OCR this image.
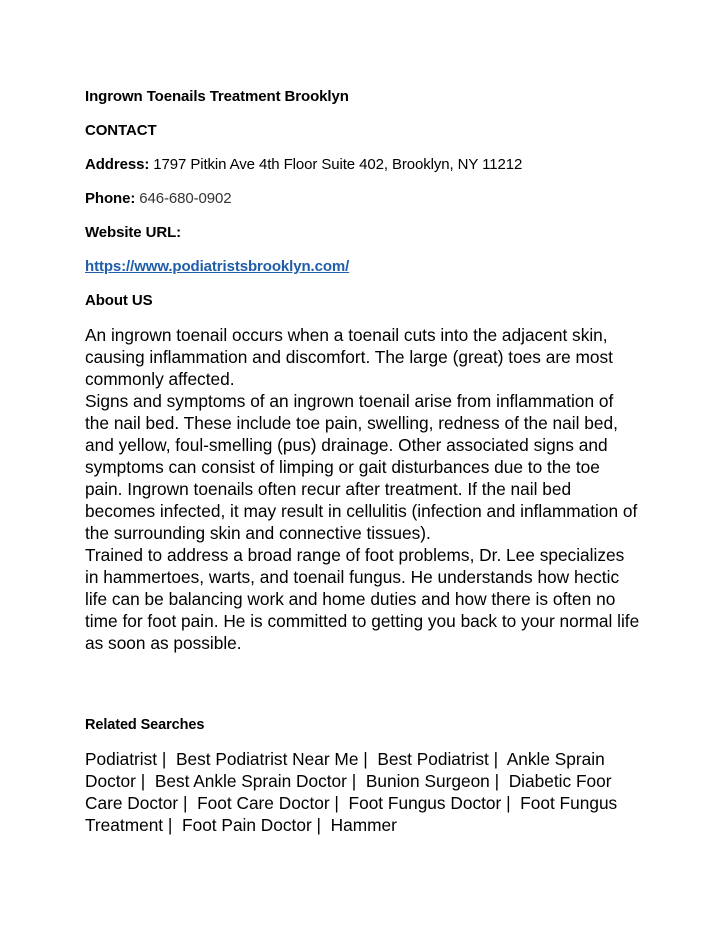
Ingrown Toenails Treatment Brooklyn
CONTACT
Address: 1797 Pitkin Ave 4th Floor Suite 402, Brooklyn, NY 11212
Phone: 646-680-0902
Website URL:
https://www.podiatristsbrooklyn.com/
About US

An ingrown toenail occurs when a toenail cuts into the adjacent skin, causing inflammation and discomfort. The large (great) toes are most commonly affected.

Signs and symptoms of an ingrown toenail arise from inflammation of the nail bed. These include toe pain, swelling, redness of the nail bed, and yellow, foul-smelling (pus) drainage. Other associated signs and symptoms can consist of limping or gait disturbances due to the toe pain. Ingrown toenails often recur after treatment. If the nail bed becomes infected, it may result in cellulitis (infection and inflammation of the surrounding skin and connective tissues).

Trained to address a broad range of foot problems, Dr. Lee specializes in hammertoes, warts, and toenail fungus. He understands how hectic life can be balancing work and home duties and how there is often no time for foot pain. He is committed to getting you back to your normal life as soon as possible.

Related Searches
Podiatrist |  Best Podiatrist Near Me |  Best Podiatrist |  Ankle Sprain Doctor |  Best Ankle Sprain Doctor |  Bunion Surgeon |  Diabetic Foor Care Doctor |  Foot Care Doctor |  Foot Fungus Doctor |  Foot Fungus Treatment |  Foot Pain Doctor |  Hammer
